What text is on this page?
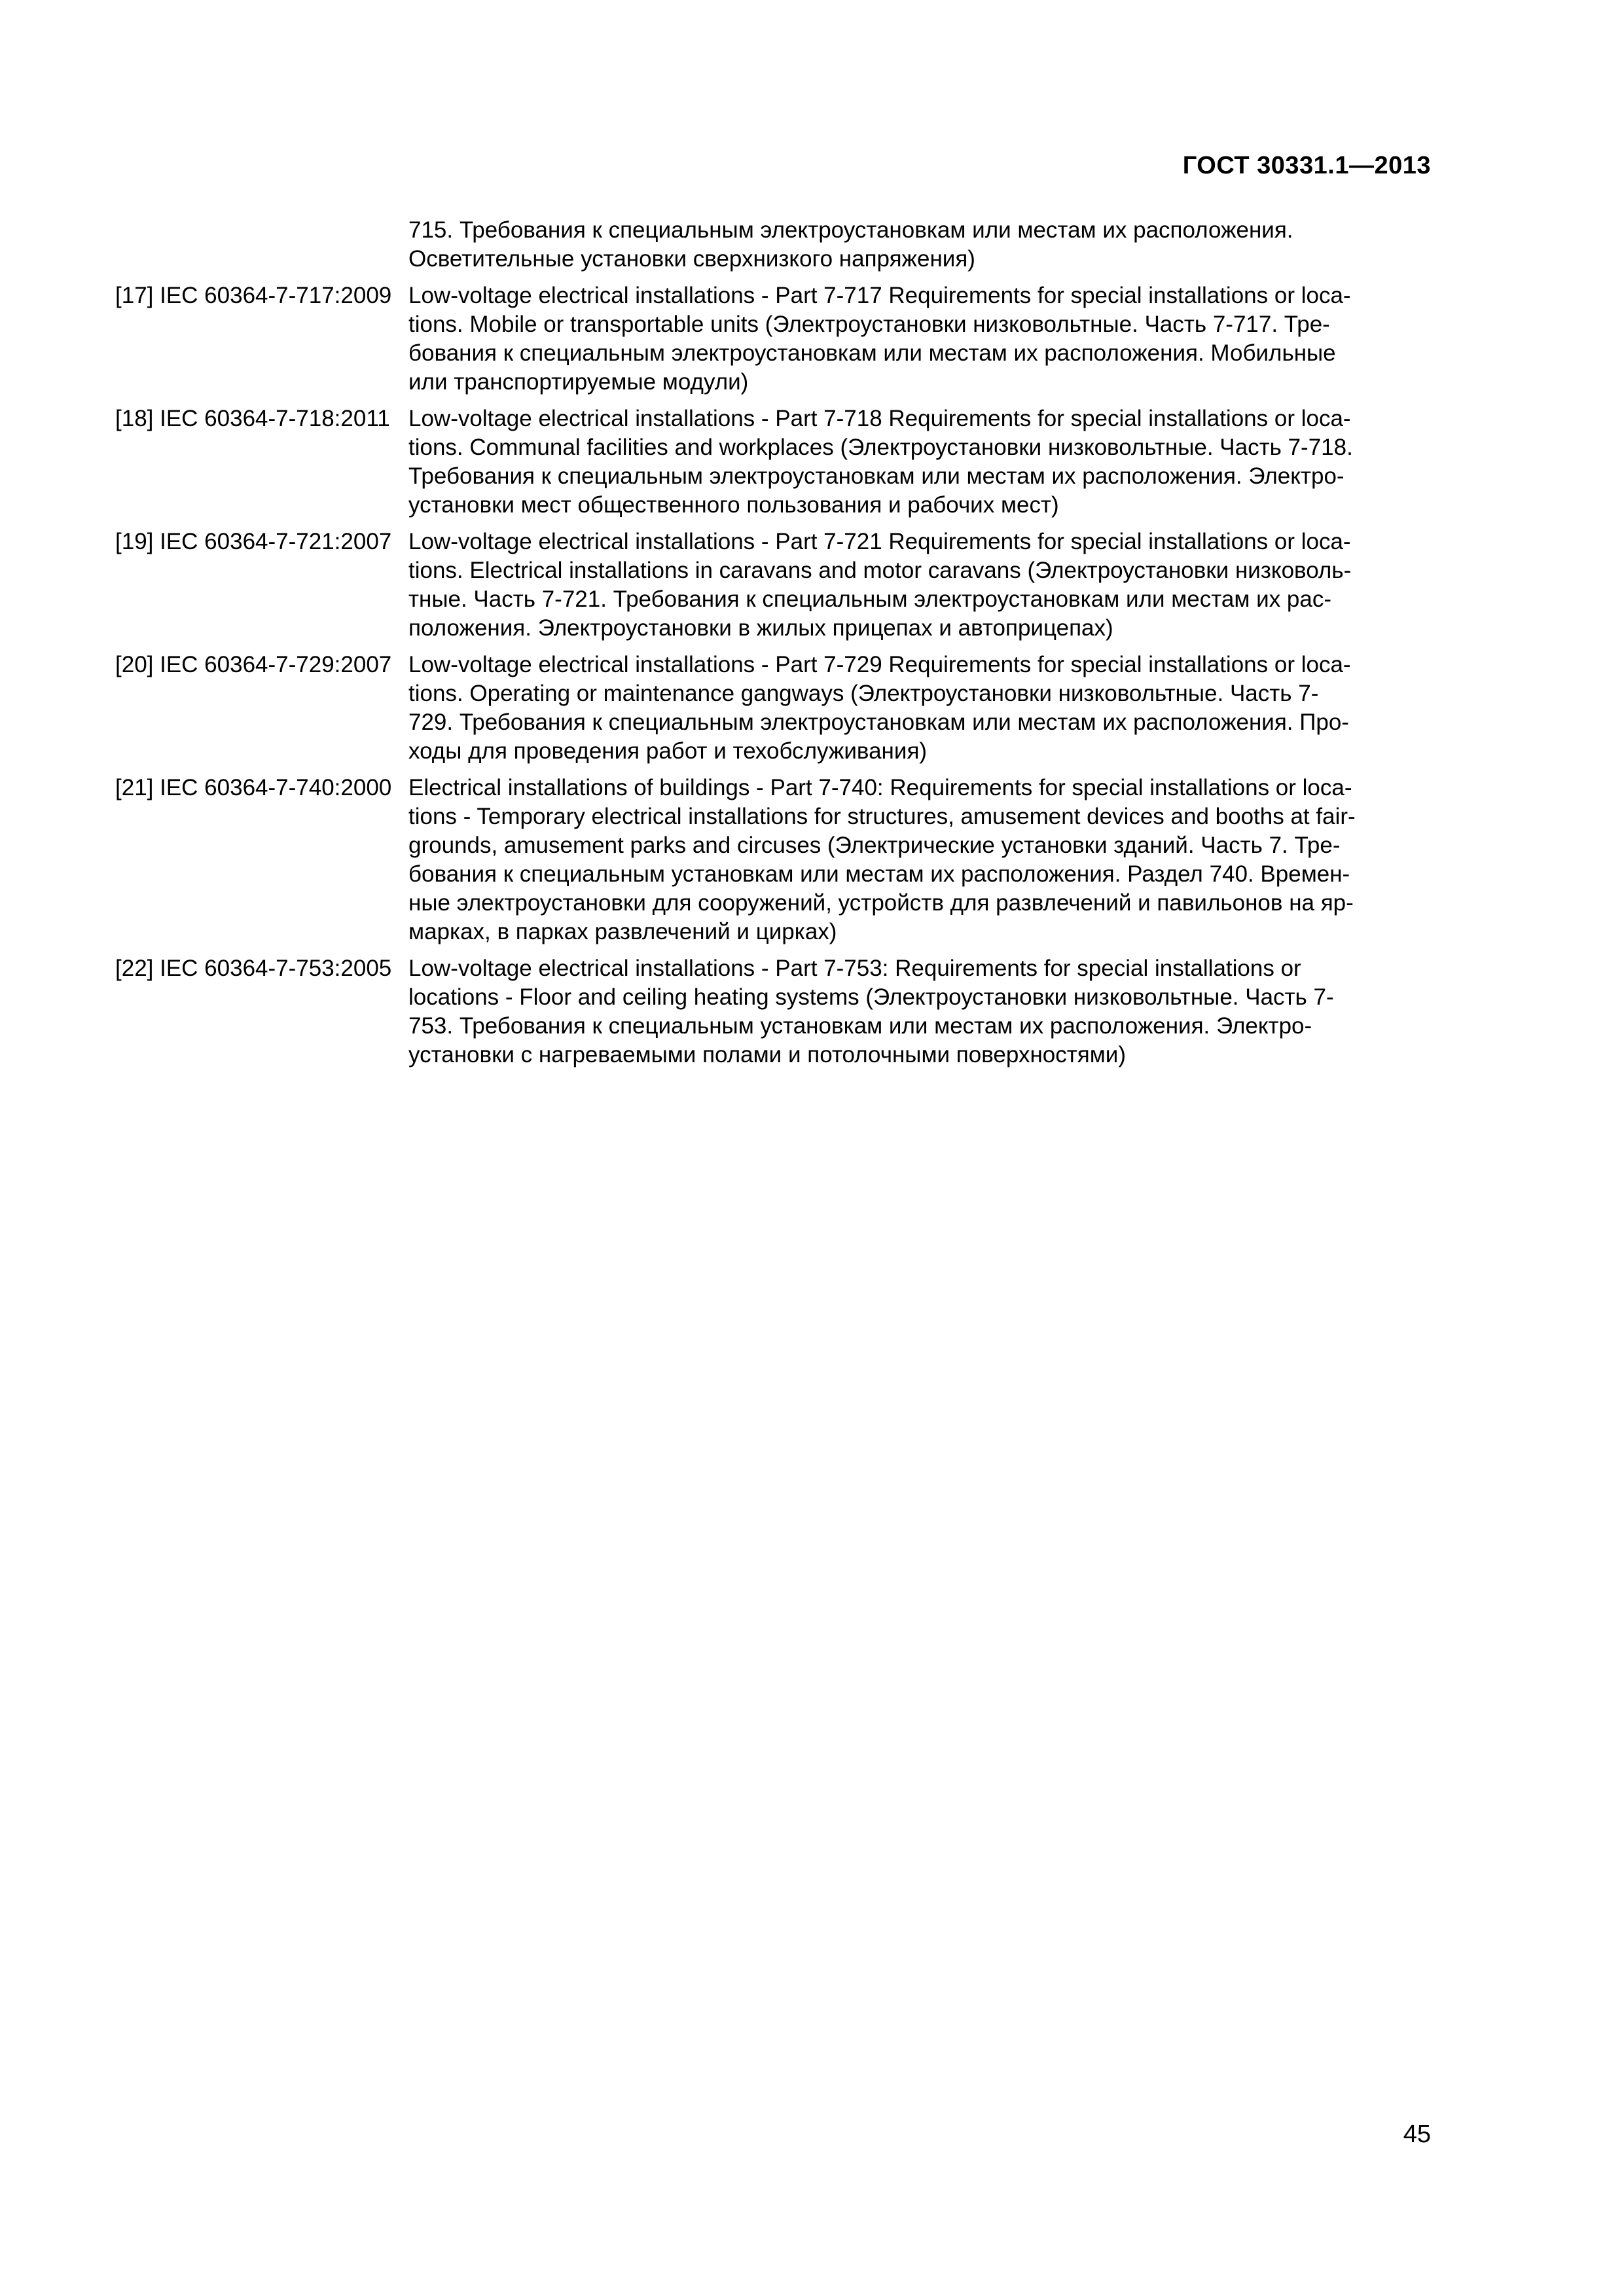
ГОСТ 30331.1—2013
715. Требования к специальным электроустановкам или местам их расположения.
Осветительные установки сверхнизкого напряжения)
[17] IEC 60364-7-717:2009 Low-voltage electrical installations - Part 7-717 Requirements for special installations or loca-
tions. Mobile or transportable units (Электроустановки низковольтные. Часть 7-717. Тре-
бования к специальным электроустановкам или местам их расположения. Мобильные
или транспортируемые модули)
[18] IEC 60364-7-718:2011 Low-voltage electrical installations - Part 7-718 Requirements for special installations or loca-
tions. Communal facilities and workplaces (Электроустановки низковольтные. Часть 7-718.
Требования к специальным электроустановкам или местам их расположения. Электро-
установки мест общественного пользования и рабочих мест)
[19] IEC 60364-7-721:2007 Low-voltage electrical installations - Part 7-721 Requirements for special installations or loca-
tions. Electrical installations in caravans and motor caravans (Электроустановки низковоль-
тные. Часть 7-721. Требования к специальным электроустановкам или местам их рас-
положения. Электроустановки в жилых прицепах и автоприцепах)
[20] IEC 60364-7-729:2007 Low-voltage electrical installations - Part 7-729 Requirements for special installations or loca-
tions. Operating or maintenance gangways (Электроустановки низковольтные. Часть 7-
729. Требования к специальным электроустановкам или местам их расположения. Про-
ходы для проведения работ и техобслуживания)
[21] IEC 60364-7-740:2000 Electrical installations of buildings - Part 7-740: Requirements for special installations or loca-
tions - Temporary electrical installations for structures, amusement devices and booths at fair-
grounds, amusement parks and circuses (Электрические установки зданий. Часть 7. Тре-
бования к специальным установкам или местам их расположения. Раздел 740. Времен-
ные электроустановки для сооружений, устройств для развлечений и павильонов на яр-
марках, в парках развлечений и цирках)
[22] IEC 60364-7-753:2005 Low-voltage electrical installations - Part 7-753: Requirements for special installations or
locations - Floor and ceiling heating systems (Электроустановки низковольтные. Часть 7-
753. Требования к специальным установкам или местам их расположения. Электро-
установки с нагреваемыми полами и потолочными поверхностями)
45
